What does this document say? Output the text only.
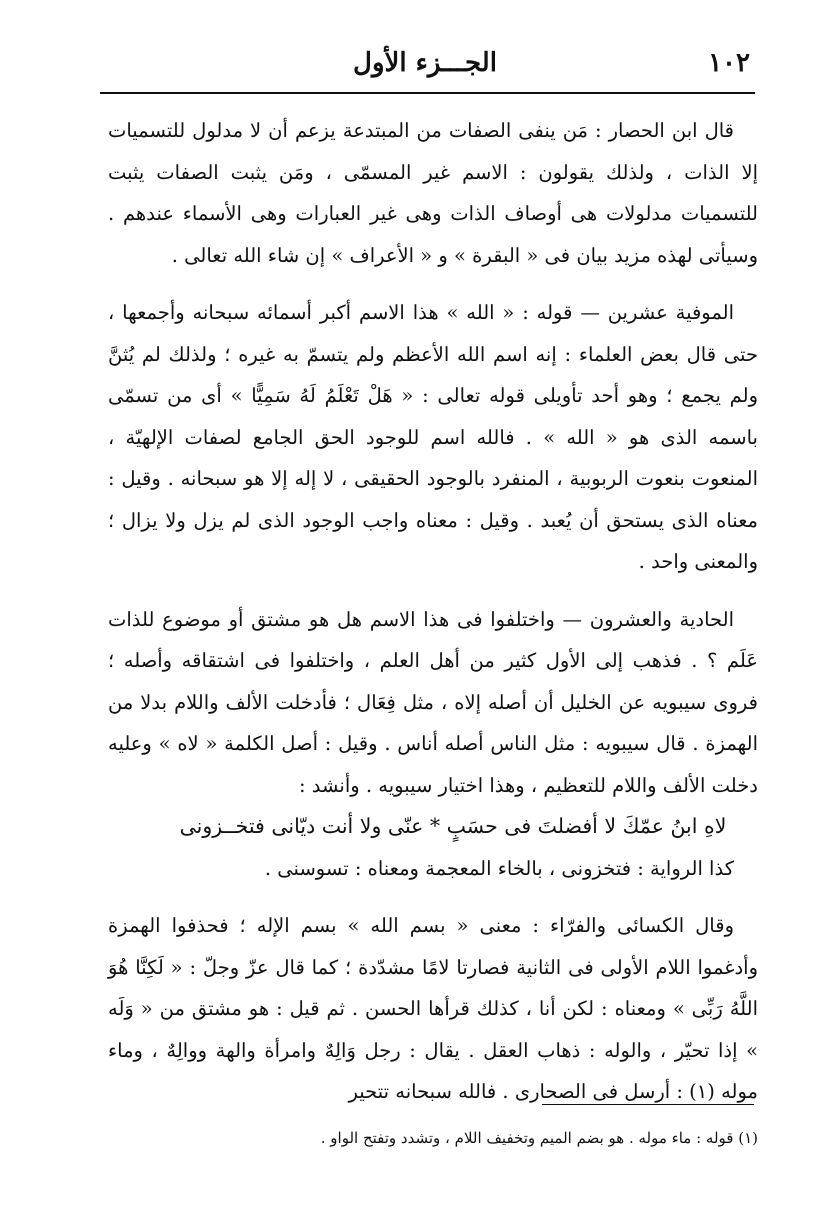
١٠٢
الجـــزء الأول

قال ابن الحصار : مَن ينفى الصفات من المبتدعة يزعم أن لا مدلول للتسميات إلا الذات ، ولذلك يقولون : الاسم غير المسمّى ، ومَن يثبت الصفات يثبت للتسميات مدلولات هى أوصاف الذات وهى غير العبارات وهى الأسماء عندهم . وسيأتى لهذه مزيد بيان فى « البقرة » و « الأعراف » إن شاء الله تعالى .

الموفية عشرين — قوله : « الله » هذا الاسم أكبر أسمائه سبحانه وأجمعها ، حتى قال بعض العلماء : إنه اسم الله الأعظم ولم يتسمّ به غيره ؛ ولذلك لم يُثنَّ ولم يجمع ؛ وهو أحد تأويلى قوله تعالى : « هَلْ تَعْلَمُ لَهُ سَمِيًّا » أى من تسمّى باسمه الذى هو « الله » . فالله اسم للوجود الحق الجامع لصفات الإلهيّة ، المنعوت بنعوت الربوبية ، المنفرد بالوجود الحقيقى ، لا إله إلا هو سبحانه . وقيل : معناه الذى يستحق أن يُعبد . وقيل : معناه واجب الوجود الذى لم يزل ولا يزال ؛ والمعنى واحد .

الحادية والعشرون — واختلفوا فى هذا الاسم هل هو مشتق أو موضوع للذات عَلَم ؟ . فذهب إلى الأول كثير من أهل العلم ، واختلفوا فى اشتقاقه وأصله ؛ فروى سيبويه عن الخليل أن أصله إلاه ، مثل فِعَال ؛ فأدخلت الألف واللام بدلا من الهمزة . قال سيبويه : مثل الناس أصله أناس . وقيل : أصل الكلمة « لاه » وعليه دخلت الألف واللام للتعظيم ، وهذا اختيار سيبويه . وأنشد :

لاهِ ابنُ عمّكَ لا أفضلتَ فى حسَبٍ * عنّى ولا أنت ديّانى فتخــزونى

كذا الرواية : فتخزونى ، بالخاء المعجمة ومعناه : تسوسنى .

وقال الكسائى والفرّاء : معنى « بسم الله » بسم الإله ؛ فحذفوا الهمزة وأدغموا اللام الأولى فى الثانية فصارتا لامًا مشدّدة ؛ كما قال عزّ وجلّ : « لَكِنَّا هُوَ اللَّهُ رَبِّى » ومعناه : لكن أنا ، كذلك قرأها الحسن . ثم قيل : هو مشتق من « وَلَه » إذا تحيّر ، والوله : ذهاب العقل . يقال : رجل وَالِهٌ وامرأة والهة ووالِهٌ ، وماء موله (١) : أرسل فى الصحارى . فالله سبحانه تتحير

(١) قوله : ماء موله . هو بضم الميم وتخفيف اللام ، وتشدد وتفتح الواو .
